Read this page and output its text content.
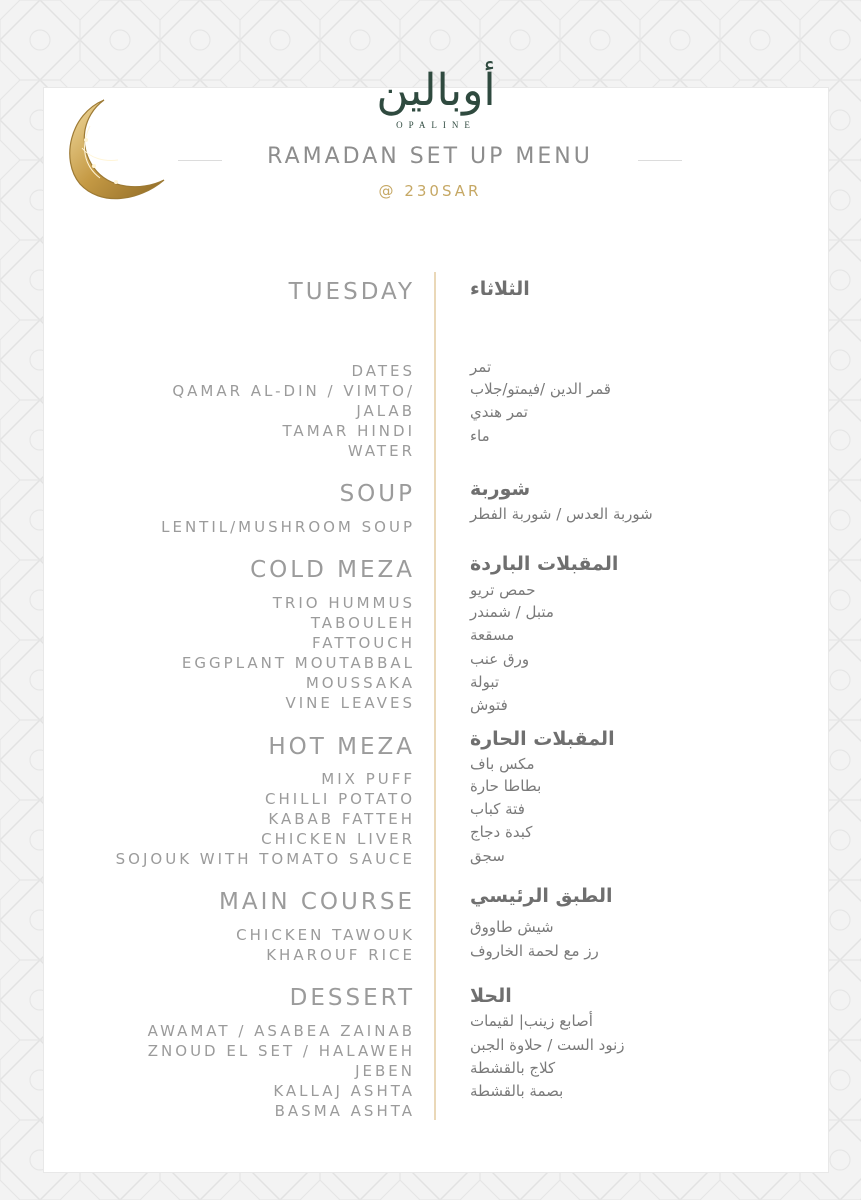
أوبالين
OPALINE
RAMADAN SET UP MENU
@ 230SAR
TUESDAY	الثلاثاء
DATES
QAMAR AL-DIN / VIMTO/
JALAB
TAMAR HINDI
WATER
تمر
قمر الدين /فيمتو/جلاب
تمر هندي
ماء
SOUP
LENTIL/MUSHROOM SOUP
شوربة
شوربة العدس / شوربة الفطر
COLD MEZA
TRIO HUMMUS
TABOULEH
FATTOUCH
EGGPLANT MOUTABBAL
MOUSSAKA
VINE LEAVES
المقبلات الباردة
حمص تريو
متبل / شمندر
مسقعة
ورق عنب
تبولة
فتوش
HOT MEZA
MIX PUFF
CHILLI POTATO
KABAB FATTEH
CHICKEN LIVER
SOJOUK WITH TOMATO SAUCE
المقبلات الحارة
مكس باف
بطاطا حارة
فتة كباب
كبدة دجاج
سجق
MAIN COURSE
CHICKEN TAWOUK
KHAROUF RICE
الطبق الرئيسي
شيش طاووق
رز مع لحمة الخاروف
DESSERT
AWAMAT / ASABEA ZAINAB
ZNOUD EL SET / HALAWEH
JEBEN
KALLAJ ASHTA
BASMA ASHTA
الحلا
أصابع زينب| لقيمات
زنود الست / حلاوة الجبن
كلاج بالقشطة
بصمة بالقشطة
